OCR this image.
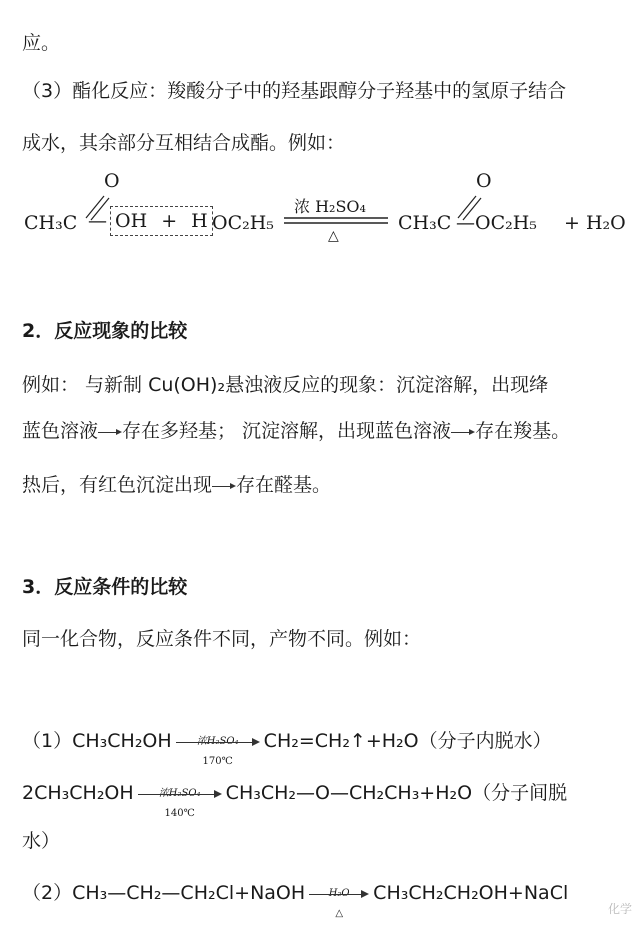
应。
（3）酯化反应：羧酸分子中的羟基跟醇分子羟基中的氢原子结合
成水，其余部分互相结合成酯。例如：
O
CH₃C — OH + H OC₂H₅
浓 H₂SO₄
△
O
CH₃C —OC₂H₅ + H₂O
2．反应现象的比较
例如： 与新制 Cu(OH)₂悬浊液反应的现象：沉淀溶解，出现绛
蓝色溶液 存在多羟基； 沉淀溶解，出现蓝色溶液 存在羧基。
热后，有红色沉淀出现 存在醛基。
3．反应条件的比较
同一化合物，反应条件不同，产物不同。例如：
（1）CH₃CH₂OH	浓H₂SO₄
170℃
CH₂=CH₂↑+H₂O（分子内脱水）
2CH₃CH₂OH	浓H₂SO₄
140℃
CH₃CH₂—O—CH₂CH₃+H₂O（分子间脱
水）
（2）CH₃—CH₂—CH₂Cl+NaOH	H₂O
△
CH₃CH₂CH₂OH+NaCl
化学
